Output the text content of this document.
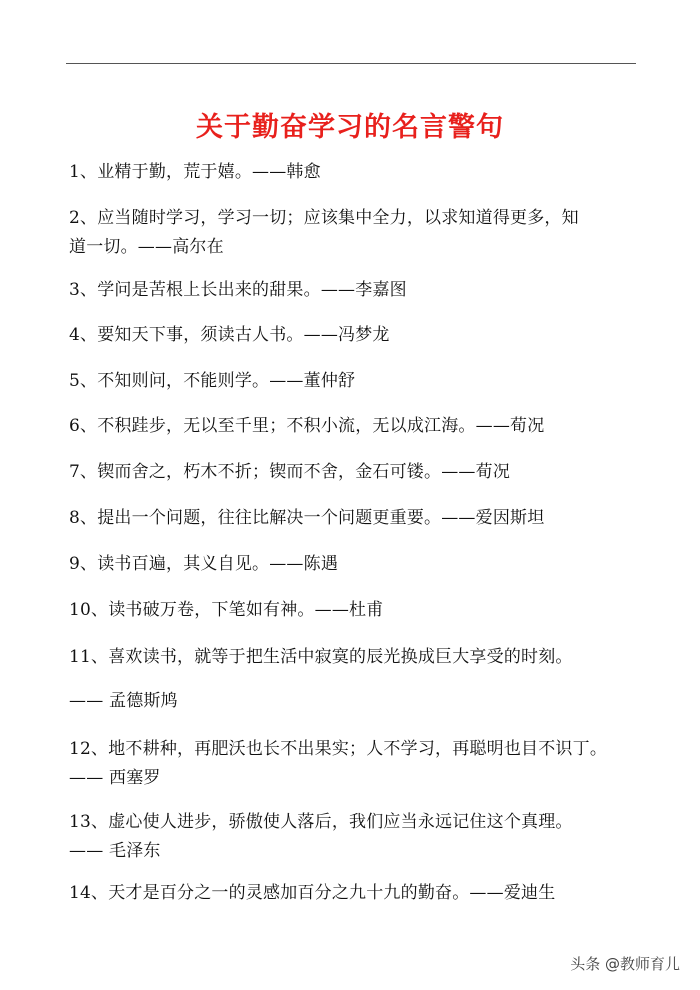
关于勤奋学习的名言警句
1、业精于勤，荒于嬉。——韩愈
2、应当随时学习，学习一切；应该集中全力，以求知道得更多，知
道一切。——高尔在
3、学问是苦根上长出来的甜果。——李嘉图
4、要知天下事，须读古人书。——冯梦龙
5、不知则问，不能则学。——董仲舒
6、不积跬步，无以至千里；不积小流，无以成江海。——荀况
7、锲而舍之，朽木不折；锲而不舍，金石可镂。——荀况
8、提出一个问题，往往比解决一个问题更重要。——爱因斯坦
9、读书百遍，其义自见。——陈遇
10、读书破万卷，下笔如有神。——杜甫
11、喜欢读书，就等于把生活中寂寞的辰光换成巨大享受的时刻。
—— 孟德斯鸠
12、地不耕种，再肥沃也长不出果实；人不学习，再聪明也目不识丁。
—— 西塞罗
13、虚心使人进步，骄傲使人落后，我们应当永远记住这个真理。
—— 毛泽东
14、天才是百分之一的灵感加百分之九十九的勤奋。——爱迪生
头条 @教师育儿
